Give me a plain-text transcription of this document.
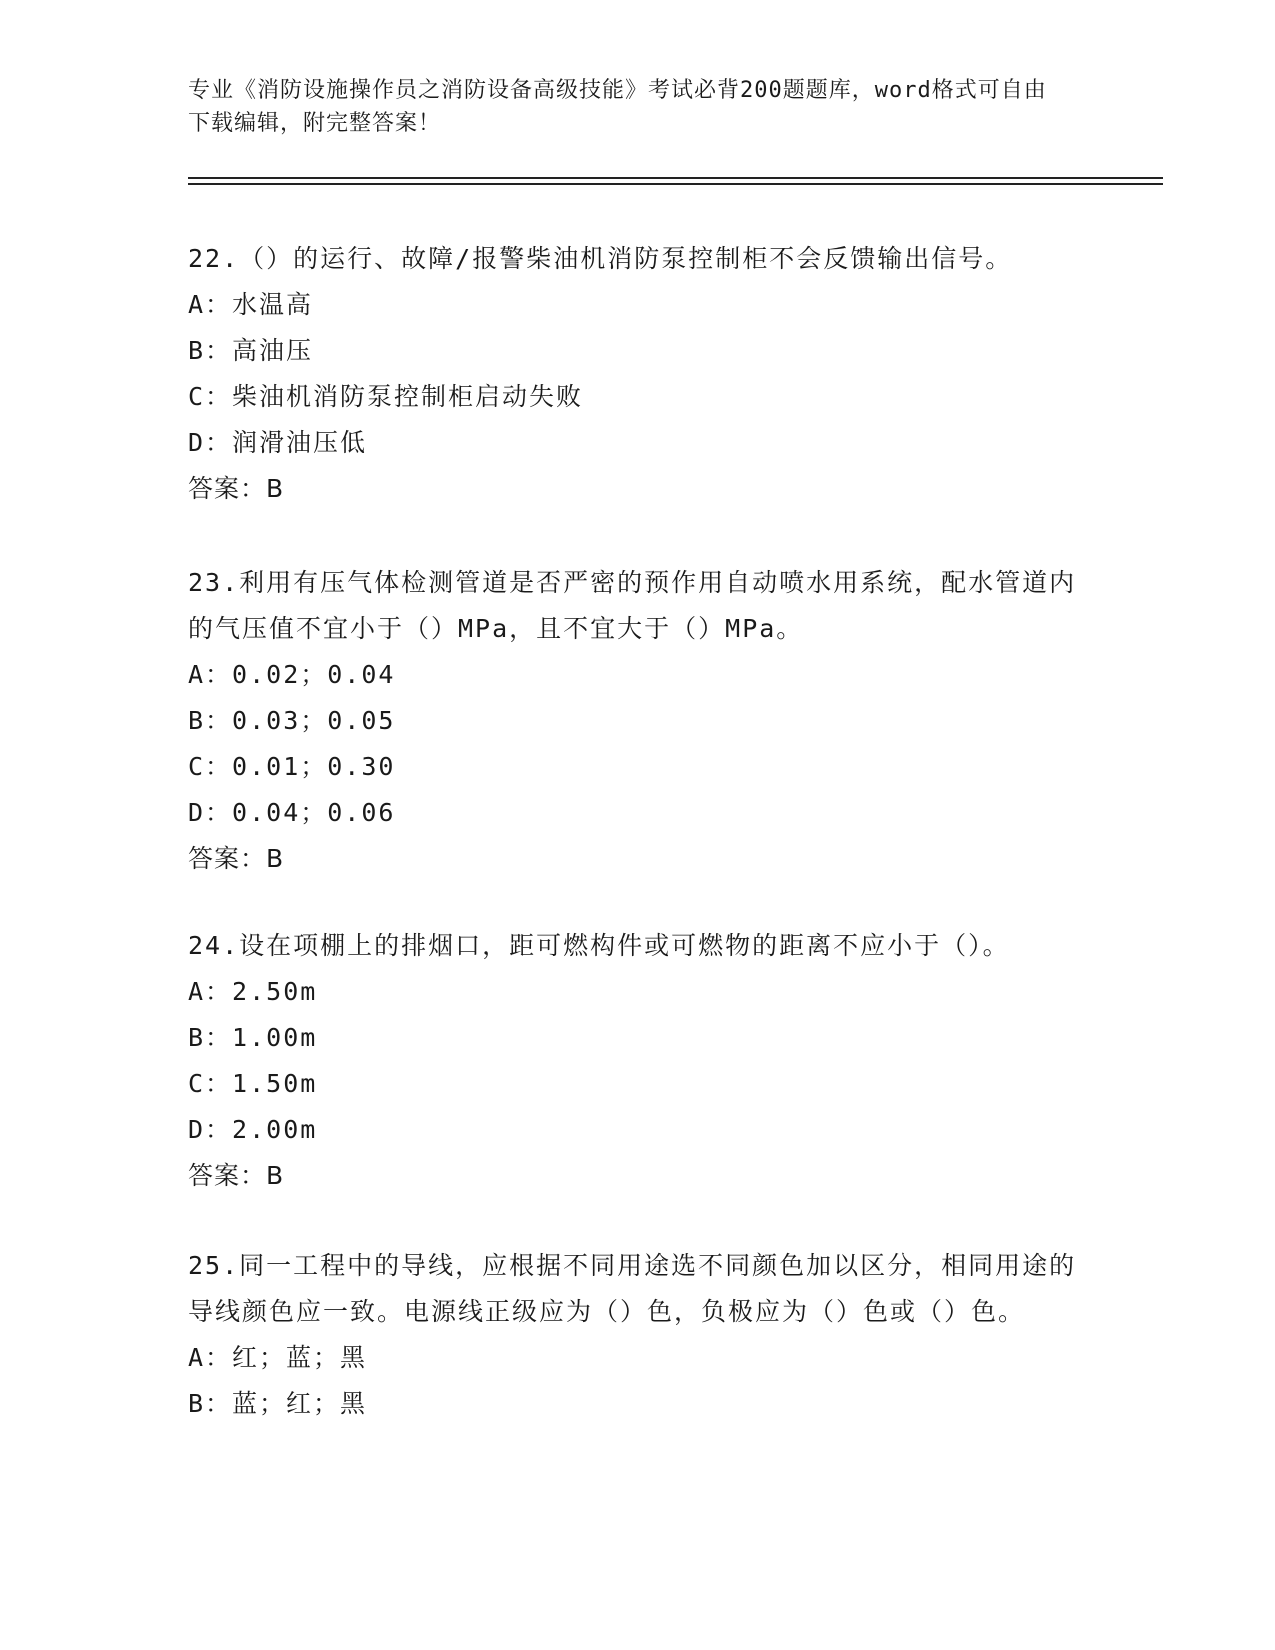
专业《消防设施操作员之消防设备高级技能》考试必背200题题库，word格式可自由下载编辑，附完整答案！

22.（）的运行、故障/报警柴油机消防泵控制柜不会反馈输出信号。

A：水温高

B：高油压

C：柴油机消防泵控制柜启动失败

D：润滑油压低

答案：B

23.利用有压气体检测管道是否严密的预作用自动喷水用系统，配水管道内的气压值不宜小于（）MPa，且不宜大于（）MPa。

A：0.02；0.04

B：0.03；0.05

C：0.01；0.30

D：0.04；0.06

答案：B

24.设在项棚上的排烟口，距可燃构件或可燃物的距离不应小于（）。

A：2.50m

B：1.00m

C：1.50m

D：2.00m

答案：B

25.同一工程中的导线，应根据不同用途选不同颜色加以区分，相同用途的导线颜色应一致。电源线正级应为（）色，负极应为（）色或（）色。

A：红；蓝；黑

B：蓝；红；黑
